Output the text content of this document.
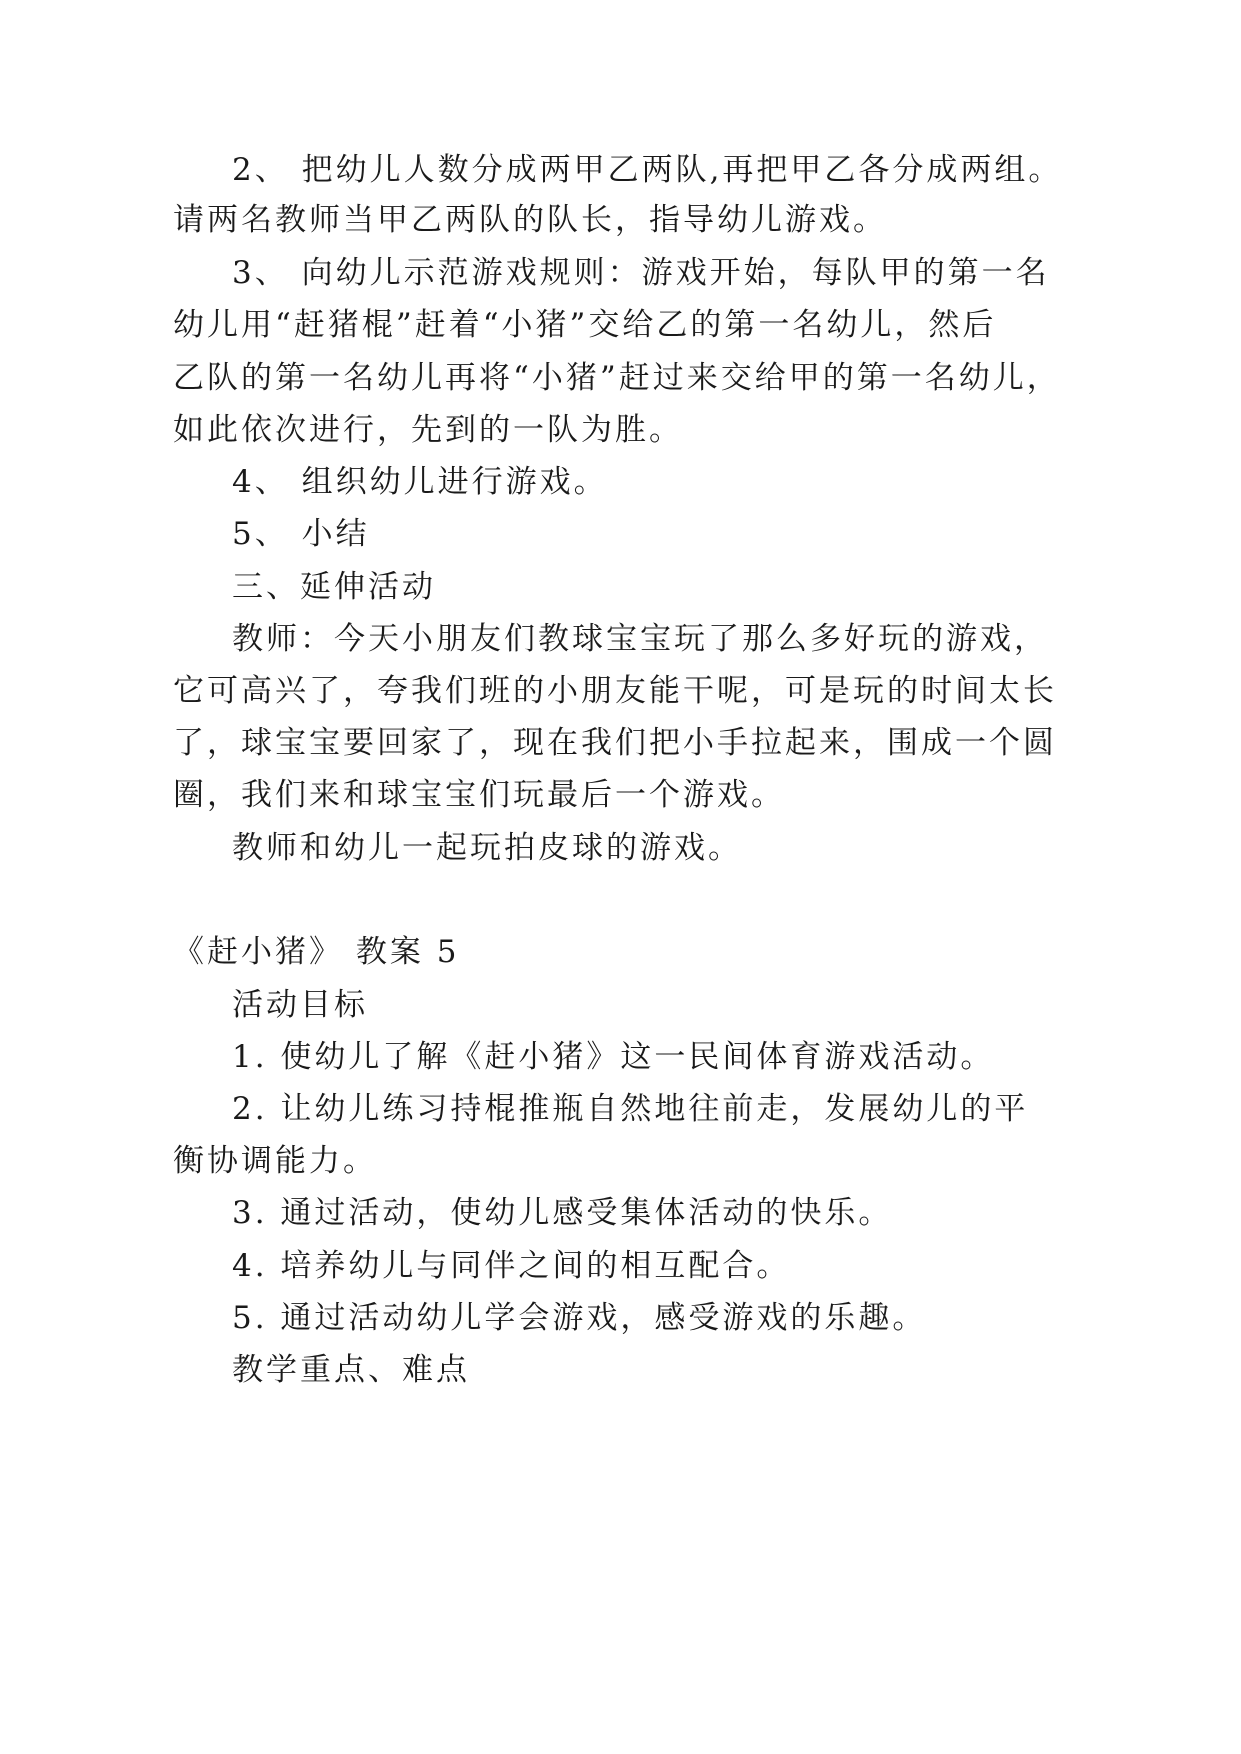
2、 把幼儿人数分成两甲乙两队,再把甲乙各分成两组。
请两名教师当甲乙两队的队长，指导幼儿游戏。
3、 向幼儿示范游戏规则：游戏开始，每队甲的第一名
幼儿用“赶猪棍”赶着“小猪”交给乙的第一名幼儿，然后
乙队的第一名幼儿再将“小猪”赶过来交给甲的第一名幼儿，
如此依次进行，先到的一队为胜。
4、 组织幼儿进行游戏。
5、 小结
三、延伸活动
教师：今天小朋友们教球宝宝玩了那么多好玩的游戏，
它可高兴了，夸我们班的小朋友能干呢，可是玩的时间太长
了，球宝宝要回家了，现在我们把小手拉起来，围成一个圆
圈，我们来和球宝宝们玩最后一个游戏。
教师和幼儿一起玩拍皮球的游戏。
《赶小猪》 教案 5
活动目标
1. 使幼儿了解《赶小猪》这一民间体育游戏活动。
2. 让幼儿练习持棍推瓶自然地往前走，发展幼儿的平
衡协调能力。
3. 通过活动，使幼儿感受集体活动的快乐。
4. 培养幼儿与同伴之间的相互配合。
5. 通过活动幼儿学会游戏，感受游戏的乐趣。
教学重点、难点
